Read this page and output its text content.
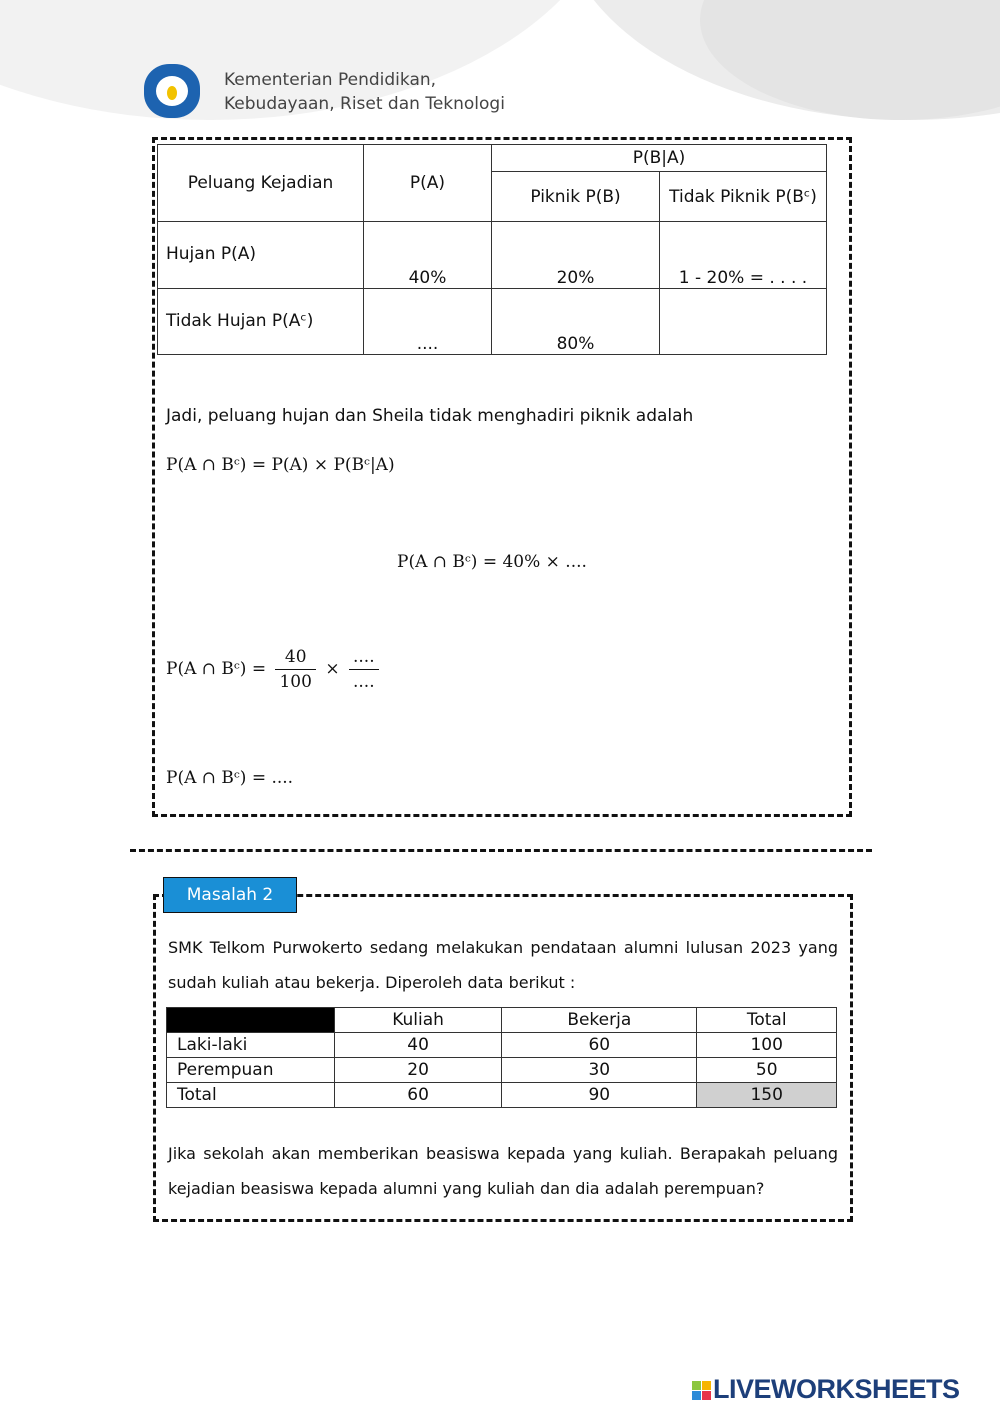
Kementerian Pendidikan,
Kebudayaan, Riset dan Teknologi
Peluang Kejadian	P(A)	P(B|A)	
		Piknik P(B)	Tidak Piknik P(Bᶜ)
Hujan P(A)	40%	20%	1 - 20% = . . . .
Tidak Hujan P(Aᶜ)	....	80%	
Jadi, peluang hujan dan Sheila tidak menghadiri piknik adalah
P(A ∩ Bᶜ) = P(A) × P(Bᶜ|A)
P(A ∩ Bᶜ) = 40% × ....
P(A ∩ Bᶜ) = $\frac{40}{100} \times \frac{....}{....}$
P(A ∩ Bᶜ) = ....
Masalah 2
SMK Telkom Purwokerto sedang melakukan pendataan alumni lulusan 2023 yang sudah kuliah atau bekerja. Diperoleh data berikut :
	Kuliah	Bekerja	Total
Laki-laki	40	60	100
Perempuan	20	30	50
Total	60	90	150
Jika sekolah akan memberikan beasiswa kepada yang kuliah. Berapakah peluang kejadian beasiswa kepada alumni yang kuliah dan dia adalah perempuan?
LIVEWORKSHEETS
